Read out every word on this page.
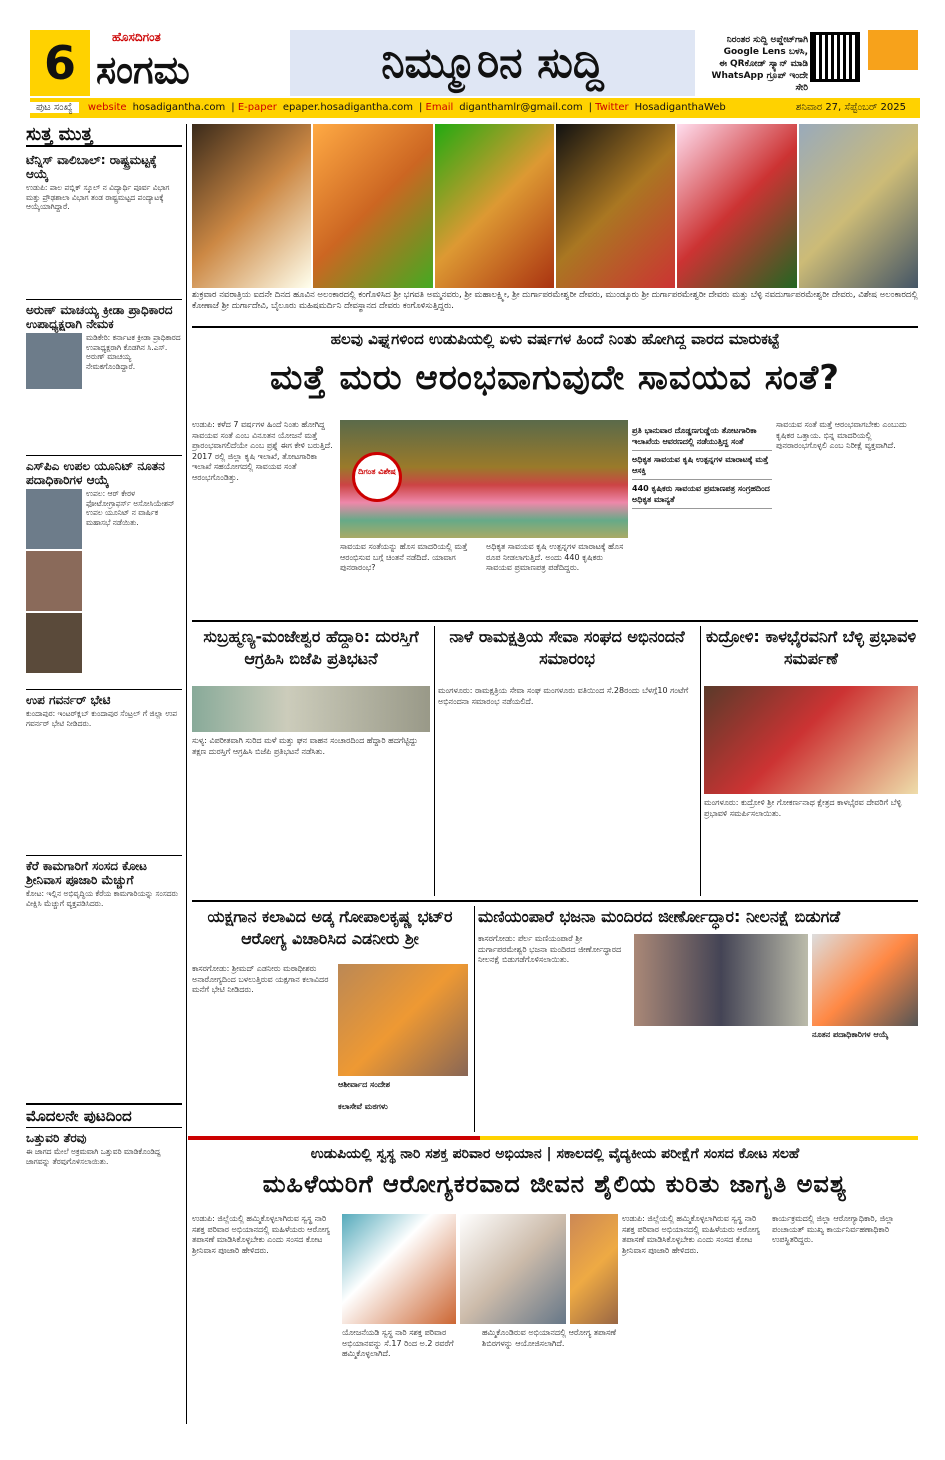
6	ಹೊಸದಿಗಂತ
ಸಂಗಮ	ನಿಮ್ಮೂರಿನ ಸುದ್ದಿ	ನಿರಂತರ ಸುದ್ದಿ ಅಪ್ಡೇಟ್‌ಗಾಗಿ
Google Lens ಬಳಸಿ,
ಈ QRಕೋಡ್ ಸ್ಕ್ಯಾನ್ ಮಾಡಿ
WhatsApp ಗ್ರೂಪ್ ಇಂದೇ ಸೇರಿ
ಪುಟ ಸಂಖ್ಯೆ website hosadiganthа.com | E-paper epaper.hosadigantha.com | Email diganthamlr@gmail.com | Twitter HosadiganthaWeb	ಶನಿವಾರ 27, ಸೆಪ್ಟೆಂಬರ್ 2025
ಸುತ್ತ ಮುತ್ತ
ಟೆನ್ನಿಸ್ ವಾಲಿಬಾಲ್: ರಾಷ್ಟ್ರಮಟ್ಟಕ್ಕೆ ಆಯ್ಕೆ
ಉಡುಪಿ: ಪಾಲ ಪಬ್ಲಿಕ್ ಸ್ಕೂಲ್ ನ ವಿದ್ಯಾರ್ಥಿ ಪೂರ್ವ ವಿಭಾಗ ಮತ್ತು ಪ್ರೌಢಶಾಲಾ ವಿಭಾಗ ತಂಡ ರಾಷ್ಟ್ರಮಟ್ಟದ ಪಂದ್ಯಾಟಕ್ಕೆ ಆಯ್ಕೆಯಾಗಿದ್ದಾರೆ.
ಅರುಣ್ ಮಾಚಯ್ಯ ಕ್ರೀಡಾ ಪ್ರಾಧಿಕಾರದ ಉಪಾಧ್ಯಕ್ಷರಾಗಿ ನೇಮಕ
ಮಡಿಕೇರಿ: ಕರ್ನಾಟಕ ಕ್ರೀಡಾ ಪ್ರಾಧಿಕಾರದ ಉಪಾಧ್ಯಕ್ಷರಾಗಿ ಕೊಡಗಿನ ಸಿ.ಎಸ್. ಅರುಣ್ ಮಾಚಯ್ಯ ನೇಮಕಗೊಂಡಿದ್ದಾರೆ.
ಎಸ್‌ಪಿಎ ಉಪಲ ಯೂನಿಟ್ ನೂತನ ಪದಾಧಿಕಾರಿಗಳ ಆಯ್ಕೆ
ಉಪಲ: ಆರ್ ಕೇರಳ ಫೋಟೋಗ್ರಾಫರ್ಸ್ ಅಸೋಸಿಯೇಶನ್ ಉಪಲ ಯೂನಿಟ್ ನ ವಾರ್ಷಿಕ ಮಹಾಸಭೆ ನಡೆಯಿತು.
ಉಪ ಗವರ್ನರ್ ಭೇಟಿ
ಕುಂದಾಪುರ: ಇಂಟರ್‌ಕ್ಲಬ್ ಕುಂದಾಪುರ ಸೆಂಟ್ರಲ್ ಗೆ ಜಿಲ್ಲಾ ಉಪ ಗವರ್ನರ್ ಭೇಟಿ ನೀಡಿದರು.
ಕೆರೆ ಕಾಮಗಾರಿಗೆ ಸಂಸದ ಕೋಟ ಶ್ರೀನಿವಾಸ ಪೂಜಾರಿ ಮೆಚ್ಚುಗೆ
ಕೋಟ: ಇಲ್ಲಿನ ಅಭಿವೃದ್ಧಿಯ ಕೆರೆಯ ಕಾಮಗಾರಿಯನ್ನು ಸಂಸದರು ವೀಕ್ಷಿಸಿ ಮೆಚ್ಚುಗೆ ವ್ಯಕ್ತಪಡಿಸಿದರು.
ಮೊದಲನೇ ಪುಟದಿಂದ
ಒತ್ತುವರಿ ತೆರವು
ಈ ಜಾಗದ ಮೇಲೆ ಅಕ್ರಮವಾಗಿ ಒತ್ತುವರಿ ಮಾಡಿಕೊಂಡಿದ್ದ ಜಾಗವನ್ನು ತೆರವುಗೊಳಿಸಲಾಯಿತು.
ಶುಕ್ರವಾರ ನವರಾತ್ರಿಯ ಐದನೇ ದಿನದ ಹೂವಿನ ಅಲಂಕಾರದಲ್ಲಿ ಕಂಗೊಳಿಸಿದ ಶ್ರೀ ಭಗವತಿ ಅಮ್ಮನವರು, ಶ್ರೀ ಮಹಾಲಕ್ಷ್ಮೀ, ಶ್ರೀ ದುರ್ಗಾಪರಮೇಶ್ವರೀ ದೇವರು, ಮುಂಡ್ಕೂರು ಶ್ರೀ ದುರ್ಗಾಪರಮೇಶ್ವರೀ ದೇವರು ಮತ್ತು ಬೆಳ್ಳಿ ನವದುರ್ಗಾಪರಮೇಶ್ವರೀ ದೇವರು, ವಿಶೇಷ ಅಲಂಕಾರದಲ್ಲಿ ಕೋಣಾಜೆ ಶ್ರೀ ದುರ್ಗಾದೇವಿ, ಬೈಲೂರು ಮಹಿಷಮರ್ದಿನಿ ದೇವಸ್ಥಾನದ ದೇವರು ಕಂಗೊಳಿಸುತ್ತಿದ್ದರು.
ಹಲವು ವಿಘ್ನಗಳಿಂದ ಉಡುಪಿಯಲ್ಲಿ ಏಳು ವರ್ಷಗಳ ಹಿಂದೆ ನಿಂತು ಹೋಗಿದ್ದ ವಾರದ ಮಾರುಕಟ್ಟೆ
ಮತ್ತೆ ಮರು ಆರಂಭವಾಗುವುದೇ ಸಾವಯವ ಸಂತೆ?
ಉಡುಪಿ: ಕಳೆದ 7 ವರ್ಷಗಳ ಹಿಂದೆ ನಿಂತು ಹೋಗಿದ್ದ ಸಾವಯವ ಸಂತೆ ಎಂಬ ವಿನೂತನ ಯೋಜನೆ ಮತ್ತೆ ಪ್ರಾರಂಭವಾಗಲಿದೆಯೇ ಎಂಬ ಪ್ರಶ್ನೆ ಈಗ ಕೇಳಿ ಬರುತ್ತಿದೆ. 2017 ರಲ್ಲಿ ಜಿಲ್ಲಾ ಕೃಷಿ ಇಲಾಖೆ, ತೋಟಗಾರಿಕಾ ಇಲಾಖೆ ಸಹಯೋಗದಲ್ಲಿ ಸಾವಯವ ಸಂತೆ ಆರಂಭಗೊಂಡಿತ್ತು.
ದಿಗಂತ ವಿಶೇಷ
ಸಾವಯವ ಸಂತೆಯನ್ನು ಹೊಸ ಮಾದರಿಯಲ್ಲಿ ಮತ್ತೆ ಆರಂಭಿಸುವ ಬಗ್ಗೆ ಚಿಂತನೆ ನಡೆದಿದೆ. ಯಾವಾಗ ಪುನರಾರಂಭ?
ಅಧಿಕೃತ ಸಾವಯವ ಕೃಷಿ ಉತ್ಪನ್ನಗಳ ಮಾರಾಟಕ್ಕೆ ಹೊಸ ರೂಪ ನೀಡಲಾಗುತ್ತಿದೆ. ಅಂದು 440 ಕೃಷಿಕರು ಸಾವಯವ ಪ್ರಮಾಣಪತ್ರ ಪಡೆದಿದ್ದರು.
ಪ್ರತಿ ಭಾನುವಾರ ದೊಡ್ಡಣಗುಡ್ಡೆಯ ತೋಟಗಾರಿಕಾ ಇಲಾಖೆಯ ಆವರಣದಲ್ಲಿ ನಡೆಯುತ್ತಿದ್ದ ಸಂತೆ
ಅಧಿಕೃತ ಸಾವಯವ ಕೃಷಿ ಉತ್ಪನ್ನಗಳ ಮಾರಾಟಕ್ಕೆ ಮತ್ತೆ ಆಸಕ್ತಿ
440 ಕೃಷಿಕರು ಸಾವಯವ ಪ್ರಮಾಣಪತ್ರ ಸಂಗ್ರಹದಿಂದ ಅಧಿಕೃತ ಮಾನ್ಯತೆ
ಸಾವಯವ ಸಂತೆ ಮತ್ತೆ ಆರಂಭವಾಗಬೇಕು ಎಂಬುದು ಕೃಷಿಕರ ಒತ್ತಾಯ. ಭಿನ್ನ ಮಾದರಿಯಲ್ಲಿ ಪುನರಾರಂಭಗೊಳ್ಳಲಿ ಎಂಬ ನಿರೀಕ್ಷೆ ವ್ಯಕ್ತವಾಗಿದೆ.
ಸುಬ್ರಹ್ಮಣ್ಯ-ಮಂಜೇಶ್ವರ ಹೆದ್ದಾರಿ: ದುರಸ್ತಿಗೆ ಆಗ್ರಹಿಸಿ ಬಿಜೆಪಿ ಪ್ರತಿಭಟನೆ
ಸುಳ್ಯ: ವಿಪರೀತವಾಗಿ ಸುರಿದ ಮಳೆ ಮತ್ತು ಘನ ವಾಹನ ಸಂಚಾರದಿಂದ ಹೆದ್ದಾರಿ ಹದಗೆಟ್ಟಿದ್ದು ತಕ್ಷಣ ದುರಸ್ತಿಗೆ ಆಗ್ರಹಿಸಿ ಬಿಜೆಪಿ ಪ್ರತಿಭಟನೆ ನಡೆಸಿತು.
ನಾಳೆ ರಾಮಕ್ಷತ್ರಿಯ ಸೇವಾ ಸಂಘದ ಅಭಿನಂದನೆ ಸಮಾರಂಭ
ಮಂಗಳೂರು: ರಾಮಕ್ಷತ್ರಿಯ ಸೇವಾ ಸಂಘ ಮಂಗಳೂರು ವತಿಯಿಂದ ಸೆ.28ರಂದು ಬೆಳಗ್ಗೆ10 ಗಂಟೆಗೆ ಅಭಿನಂದನಾ ಸಮಾರಂಭ ನಡೆಯಲಿದೆ.
ಕುದ್ರೋಳಿ: ಕಾಳಭೈರವನಿಗೆ ಬೆಳ್ಳಿ ಪ್ರಭಾವಳಿ ಸಮರ್ಪಣೆ
ಮಂಗಳೂರು: ಕುದ್ರೋಳಿ ಶ್ರೀ ಗೋಕರ್ಣನಾಥ ಕ್ಷೇತ್ರದ ಕಾಳಭೈರವ ದೇವರಿಗೆ ಬೆಳ್ಳಿ ಪ್ರಭಾವಳಿ ಸಮರ್ಪಿಸಲಾಯಿತು.
ಯಕ್ಷಗಾನ ಕಲಾವಿದ ಅಡ್ಕ ಗೋಪಾಲಕೃಷ್ಣ ಭಟ್‌ರ ಆರೋಗ್ಯ ವಿಚಾರಿಸಿದ ಎಡನೀರು ಶ್ರೀ
ಕಾಸರಗೋಡು: ಶ್ರೀಮದ್ ಎಡನೀರು ಮಠಾಧೀಶರು ಅನಾರೋಗ್ಯದಿಂದ ಬಳಲುತ್ತಿರುವ ಯಕ್ಷಗಾನ ಕಲಾವಿದರ ಮನೆಗೆ ಭೇಟಿ ನೀಡಿದರು.
ಆಶೀರ್ವಾದ ಸಂದೇಶ
ಕಲಾಸೇವೆ ಮಠಗಳು
ಮಣಿಯಂಪಾರೆ ಭಜನಾ ಮಂದಿರದ ಜೀರ್ಣೋದ್ಧಾರ: ನೀಲನಕ್ಷೆ ಬಿಡುಗಡೆ
ಕಾಸರಗೋಡು: ಪೆರ್ಲ ಮಣಿಯಂಪಾರೆ ಶ್ರೀ ದುರ್ಗಾಪರಮೇಶ್ವರಿ ಭಜನಾ ಮಂದಿರದ ಜೀರ್ಣೋದ್ಧಾರದ ನೀಲನಕ್ಷೆ ಬಿಡುಗಡೆಗೊಳಿಸಲಾಯಿತು.
ನೂತನ ಪದಾಧಿಕಾರಿಗಳ ಆಯ್ಕೆ
ಉಡುಪಿಯಲ್ಲಿ ಸ್ವಸ್ಥ ನಾರಿ ಸಶಕ್ತ ಪರಿವಾರ ಅಭಿಯಾನ | ಸಕಾಲದಲ್ಲಿ ವೈದ್ಯಕೀಯ ಪರೀಕ್ಷೆಗೆ ಸಂಸದ ಕೋಟ ಸಲಹೆ
ಮಹಿಳೆಯರಿಗೆ ಆರೋಗ್ಯಕರವಾದ ಜೀವನ ಶೈಲಿಯ ಕುರಿತು ಜಾಗೃತಿ ಅವಶ್ಯ
ಉಡುಪಿ: ಜಿಲ್ಲೆಯಲ್ಲಿ ಹಮ್ಮಿಕೊಳ್ಳಲಾಗಿರುವ ಸ್ವಸ್ಥ ನಾರಿ ಸಶಕ್ತ ಪರಿವಾರ ಅಭಿಯಾನದಲ್ಲಿ ಮಹಿಳೆಯರು ಆರೋಗ್ಯ ತಪಾಸಣೆ ಮಾಡಿಸಿಕೊಳ್ಳಬೇಕು ಎಂದು ಸಂಸದ ಕೋಟ ಶ್ರೀನಿವಾಸ ಪೂಜಾರಿ ಹೇಳಿದರು.
ಯೋಜನೆಯಡಿ ಸ್ವಸ್ಥ ನಾರಿ ಸಶಕ್ತ ಪರಿವಾರ ಅಭಿಯಾನವನ್ನು ಸೆ.17 ರಿಂದ ಅ.2 ರವರೆಗೆ ಹಮ್ಮಿಕೊಳ್ಳಲಾಗಿದೆ.
ಹಮ್ಮಿಕೊಂಡಿರುವ ಅಭಿಯಾನದಲ್ಲಿ ಆರೋಗ್ಯ ತಪಾಸಣೆ ಶಿಬಿರಗಳನ್ನು ಆಯೋಜಿಸಲಾಗಿದೆ.
ಉಡುಪಿ: ಜಿಲ್ಲೆಯಲ್ಲಿ ಹಮ್ಮಿಕೊಳ್ಳಲಾಗಿರುವ ಸ್ವಸ್ಥ ನಾರಿ ಸಶಕ್ತ ಪರಿವಾರ ಅಭಿಯಾನದಲ್ಲಿ ಮಹಿಳೆಯರು ಆರೋಗ್ಯ ತಪಾಸಣೆ ಮಾಡಿಸಿಕೊಳ್ಳಬೇಕು ಎಂದು ಸಂಸದ ಕೋಟ ಶ್ರೀನಿವಾಸ ಪೂಜಾರಿ ಹೇಳಿದರು.
ಕಾರ್ಯಕ್ರಮದಲ್ಲಿ ಜಿಲ್ಲಾ ಆರೋಗ್ಯಾಧಿಕಾರಿ, ಜಿಲ್ಲಾ ಪಂಚಾಯತ್ ಮುಖ್ಯ ಕಾರ್ಯನಿರ್ವಹಣಾಧಿಕಾರಿ ಉಪಸ್ಥಿತರಿದ್ದರು.
